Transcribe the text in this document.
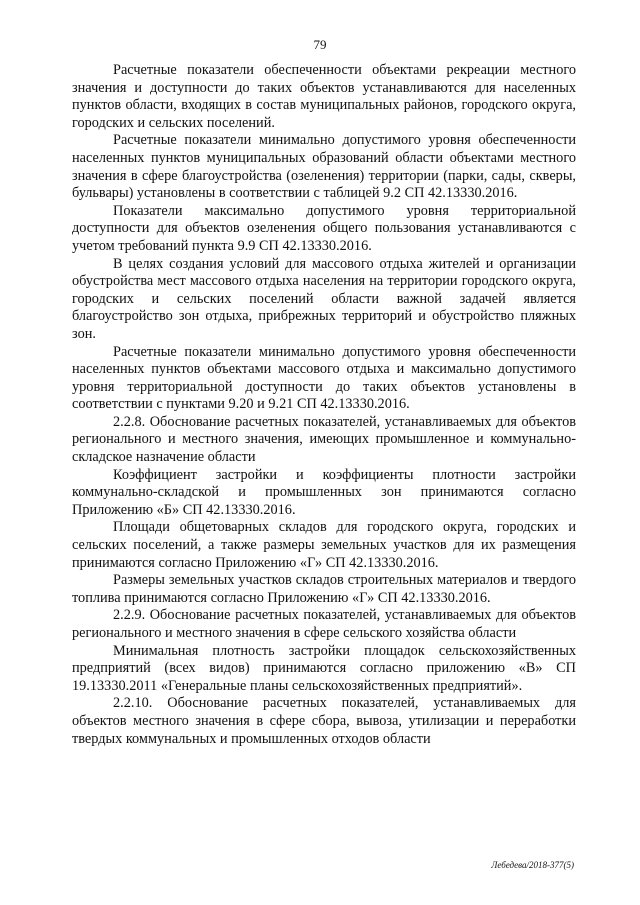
79

Расчетные показатели обеспеченности объектами рекреации местного значения и доступности до таких объектов устанавливаются для населенных пунктов области, входящих в состав муниципальных районов, городского округа, городских и сельских поселений.

Расчетные показатели минимально допустимого уровня обеспеченности населенных пунктов муниципальных образований области объектами местного значения в сфере благоустройства (озеленения) территории (парки, сады, скверы, бульвары) установлены в соответствии с таблицей 9.2 СП 42.13330.2016.

Показатели максимально допустимого уровня территориальной доступности для объектов озеленения общего пользования устанавливаются с учетом требований пункта 9.9 СП 42.13330.2016.

В целях создания условий для массового отдыха жителей и организации обустройства мест массового отдыха населения на территории городского округа, городских и сельских поселений области важной задачей является благоустройство зон отдыха, прибрежных территорий и обустройство пляжных зон.

Расчетные показатели минимально допустимого уровня обеспеченности населенных пунктов объектами массового отдыха и максимально допустимого уровня территориальной доступности до таких объектов установлены в соответствии с пунктами 9.20 и 9.21 СП 42.13330.2016.

2.2.8. Обоснование расчетных показателей, устанавливаемых для объектов регионального и местного значения, имеющих промышленное и коммунально-складское назначение области

Коэффициент застройки и коэффициенты плотности застройки коммунально-складской и промышленных зон принимаются согласно Приложению «Б» СП 42.13330.2016.

Площади общетоварных складов для городского округа, городских и сельских поселений, а также размеры земельных участков для их размещения принимаются согласно Приложению «Г» СП 42.13330.2016.

Размеры земельных участков складов строительных материалов и твердого топлива принимаются согласно Приложению «Г» СП 42.13330.2016.

2.2.9. Обоснование расчетных показателей, устанавливаемых для объектов регионального и местного значения в сфере сельского хозяйства области

Минимальная плотность застройки площадок сельскохозяйственных предприятий (всех видов) принимаются согласно приложению «В» СП 19.13330.2011 «Генеральные планы сельскохозяйственных предприятий».

2.2.10. Обоснование расчетных показателей, устанавливаемых для объектов местного значения в сфере сбора, вывоза, утилизации и переработки твердых коммунальных и промышленных отходов области

Лебедева/2018-377(5)
